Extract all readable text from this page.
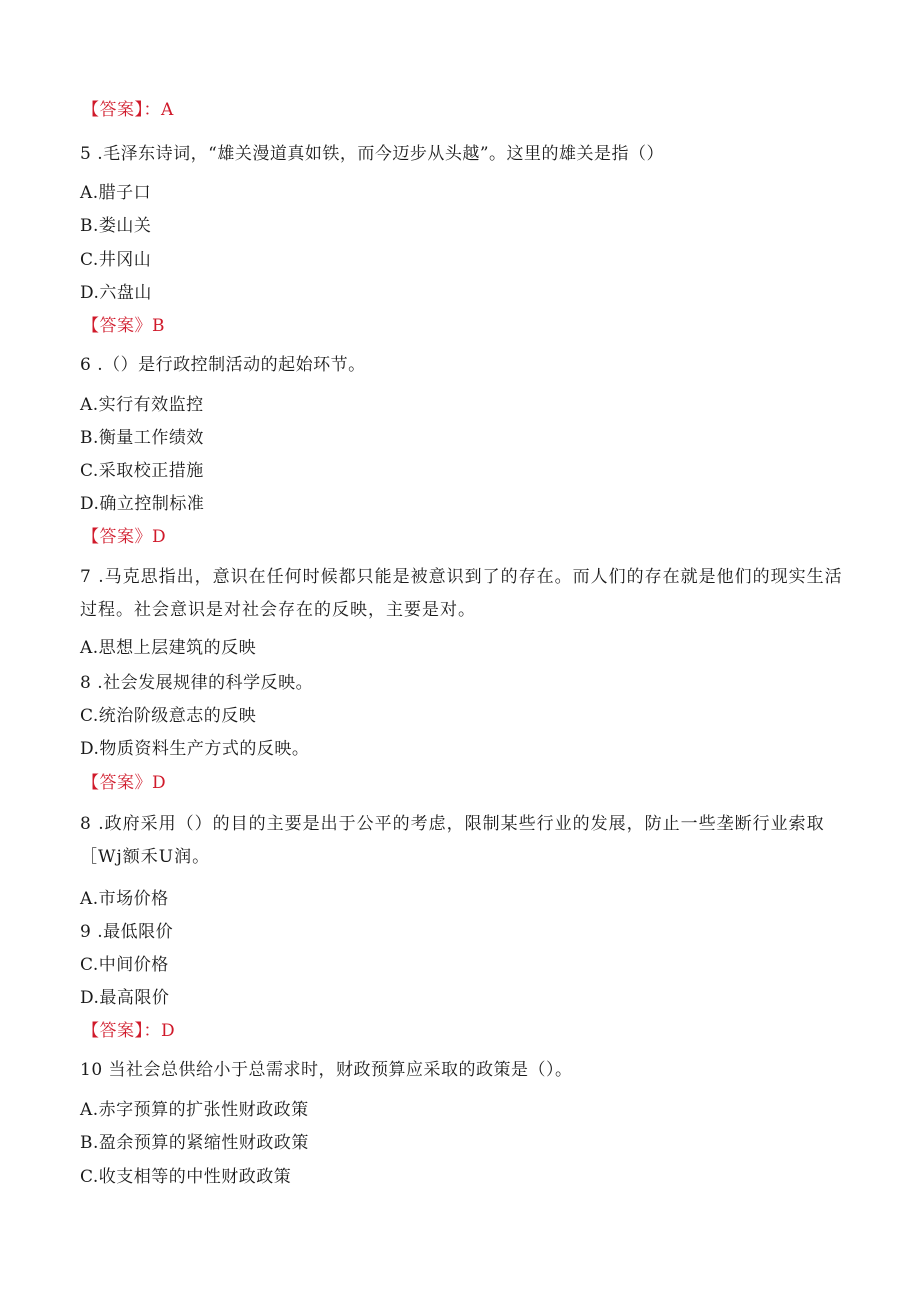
【答案】：A
5 .毛泽东诗词，“雄关漫道真如铁，而今迈步从头越”。这里的雄关是指（）
A.腊子口
B.娄山关
C.井冈山
D.六盘山
【答案》B
6 .（）是行政控制活动的起始环节。
A.实行有效监控
B.衡量工作绩效
C.采取校正措施
D.确立控制标准
【答案》D
7 .马克思指出，意识在任何时候都只能是被意识到了的存在。而人们的存在就是他们的现实生活过程。社会意识是对社会存在的反映，主要是对。
A.思想上层建筑的反映
8 .社会发展规律的科学反映。
C.统治阶级意志的反映
D.物质资料生产方式的反映。
【答案》D
8 .政府采用（）的目的主要是出于公平的考虑，限制某些行业的发展，防止一些垄断行业索取［Wj额禾U润。
A.市场价格
9 .最低限价
C.中间价格
D.最高限价
【答案】：D
10 当社会总供给小于总需求时，财政预算应采取的政策是（）。
A.赤字预算的扩张性财政政策
B.盈余预算的紧缩性财政政策
C.收支相等的中性财政政策
